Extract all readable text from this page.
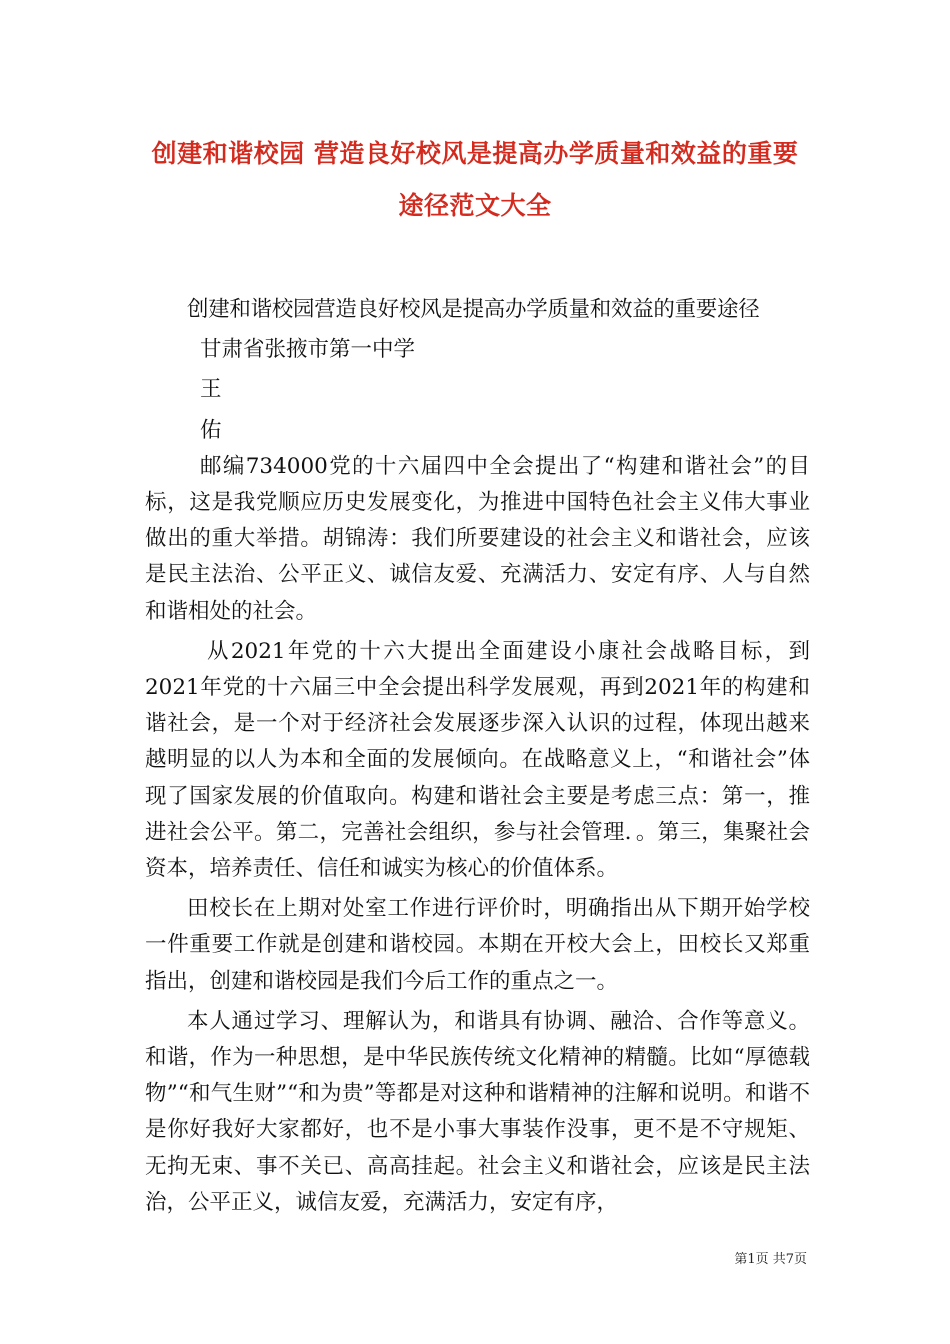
创建和谐校园 营造良好校风是提高办学质量和效益的重要
途径范文大全

创建和谐校园营造良好校风是提高办学质量和效益的重要途径

甘肃省张掖市第一中学

王

佑

邮编734000党的十六届四中全会提出了“构建和谐社会”的目标，这是我党顺应历史发展变化，为推进中国特色社会主义伟大事业做出的重大举措。胡锦涛：我们所要建设的社会主义和谐社会，应该是民主法治、公平正义、诚信友爱、充满活力、安定有序、人与自然和谐相处的社会。

从2021年党的十六大提出全面建设小康社会战略目标，到2021年党的十六届三中全会提出科学发展观，再到2021年的构建和谐社会，是一个对于经济社会发展逐步深入认识的过程，体现出越来越明显的以人为本和全面的发展倾向。在战略意义上，“和谐社会”体现了国家发展的价值取向。构建和谐社会主要是考虑三点：第一，推进社会公平。第二，完善社会组织，参与社会管理．。第三，集聚社会资本，培养责任、信任和诚实为核心的价值体系。

田校长在上期对处室工作进行评价时，明确指出从下期开始学校一件重要工作就是创建和谐校园。本期在开校大会上，田校长又郑重指出，创建和谐校园是我们今后工作的重点之一。

本人通过学习、理解认为，和谐具有协调、融洽、合作等意义。和谐，作为一种思想，是中华民族传统文化精神的精髓。比如“厚德载物”“和气生财”“和为贵”等都是对这种和谐精神的注解和说明。和谐不是你好我好大家都好，也不是小事大事装作没事，更不是不守规矩、无拘无束、事不关已、高高挂起。社会主义和谐社会，应该是民主法治，公平正义，诚信友爱，充满活力，安定有序，

第1页 共7页
